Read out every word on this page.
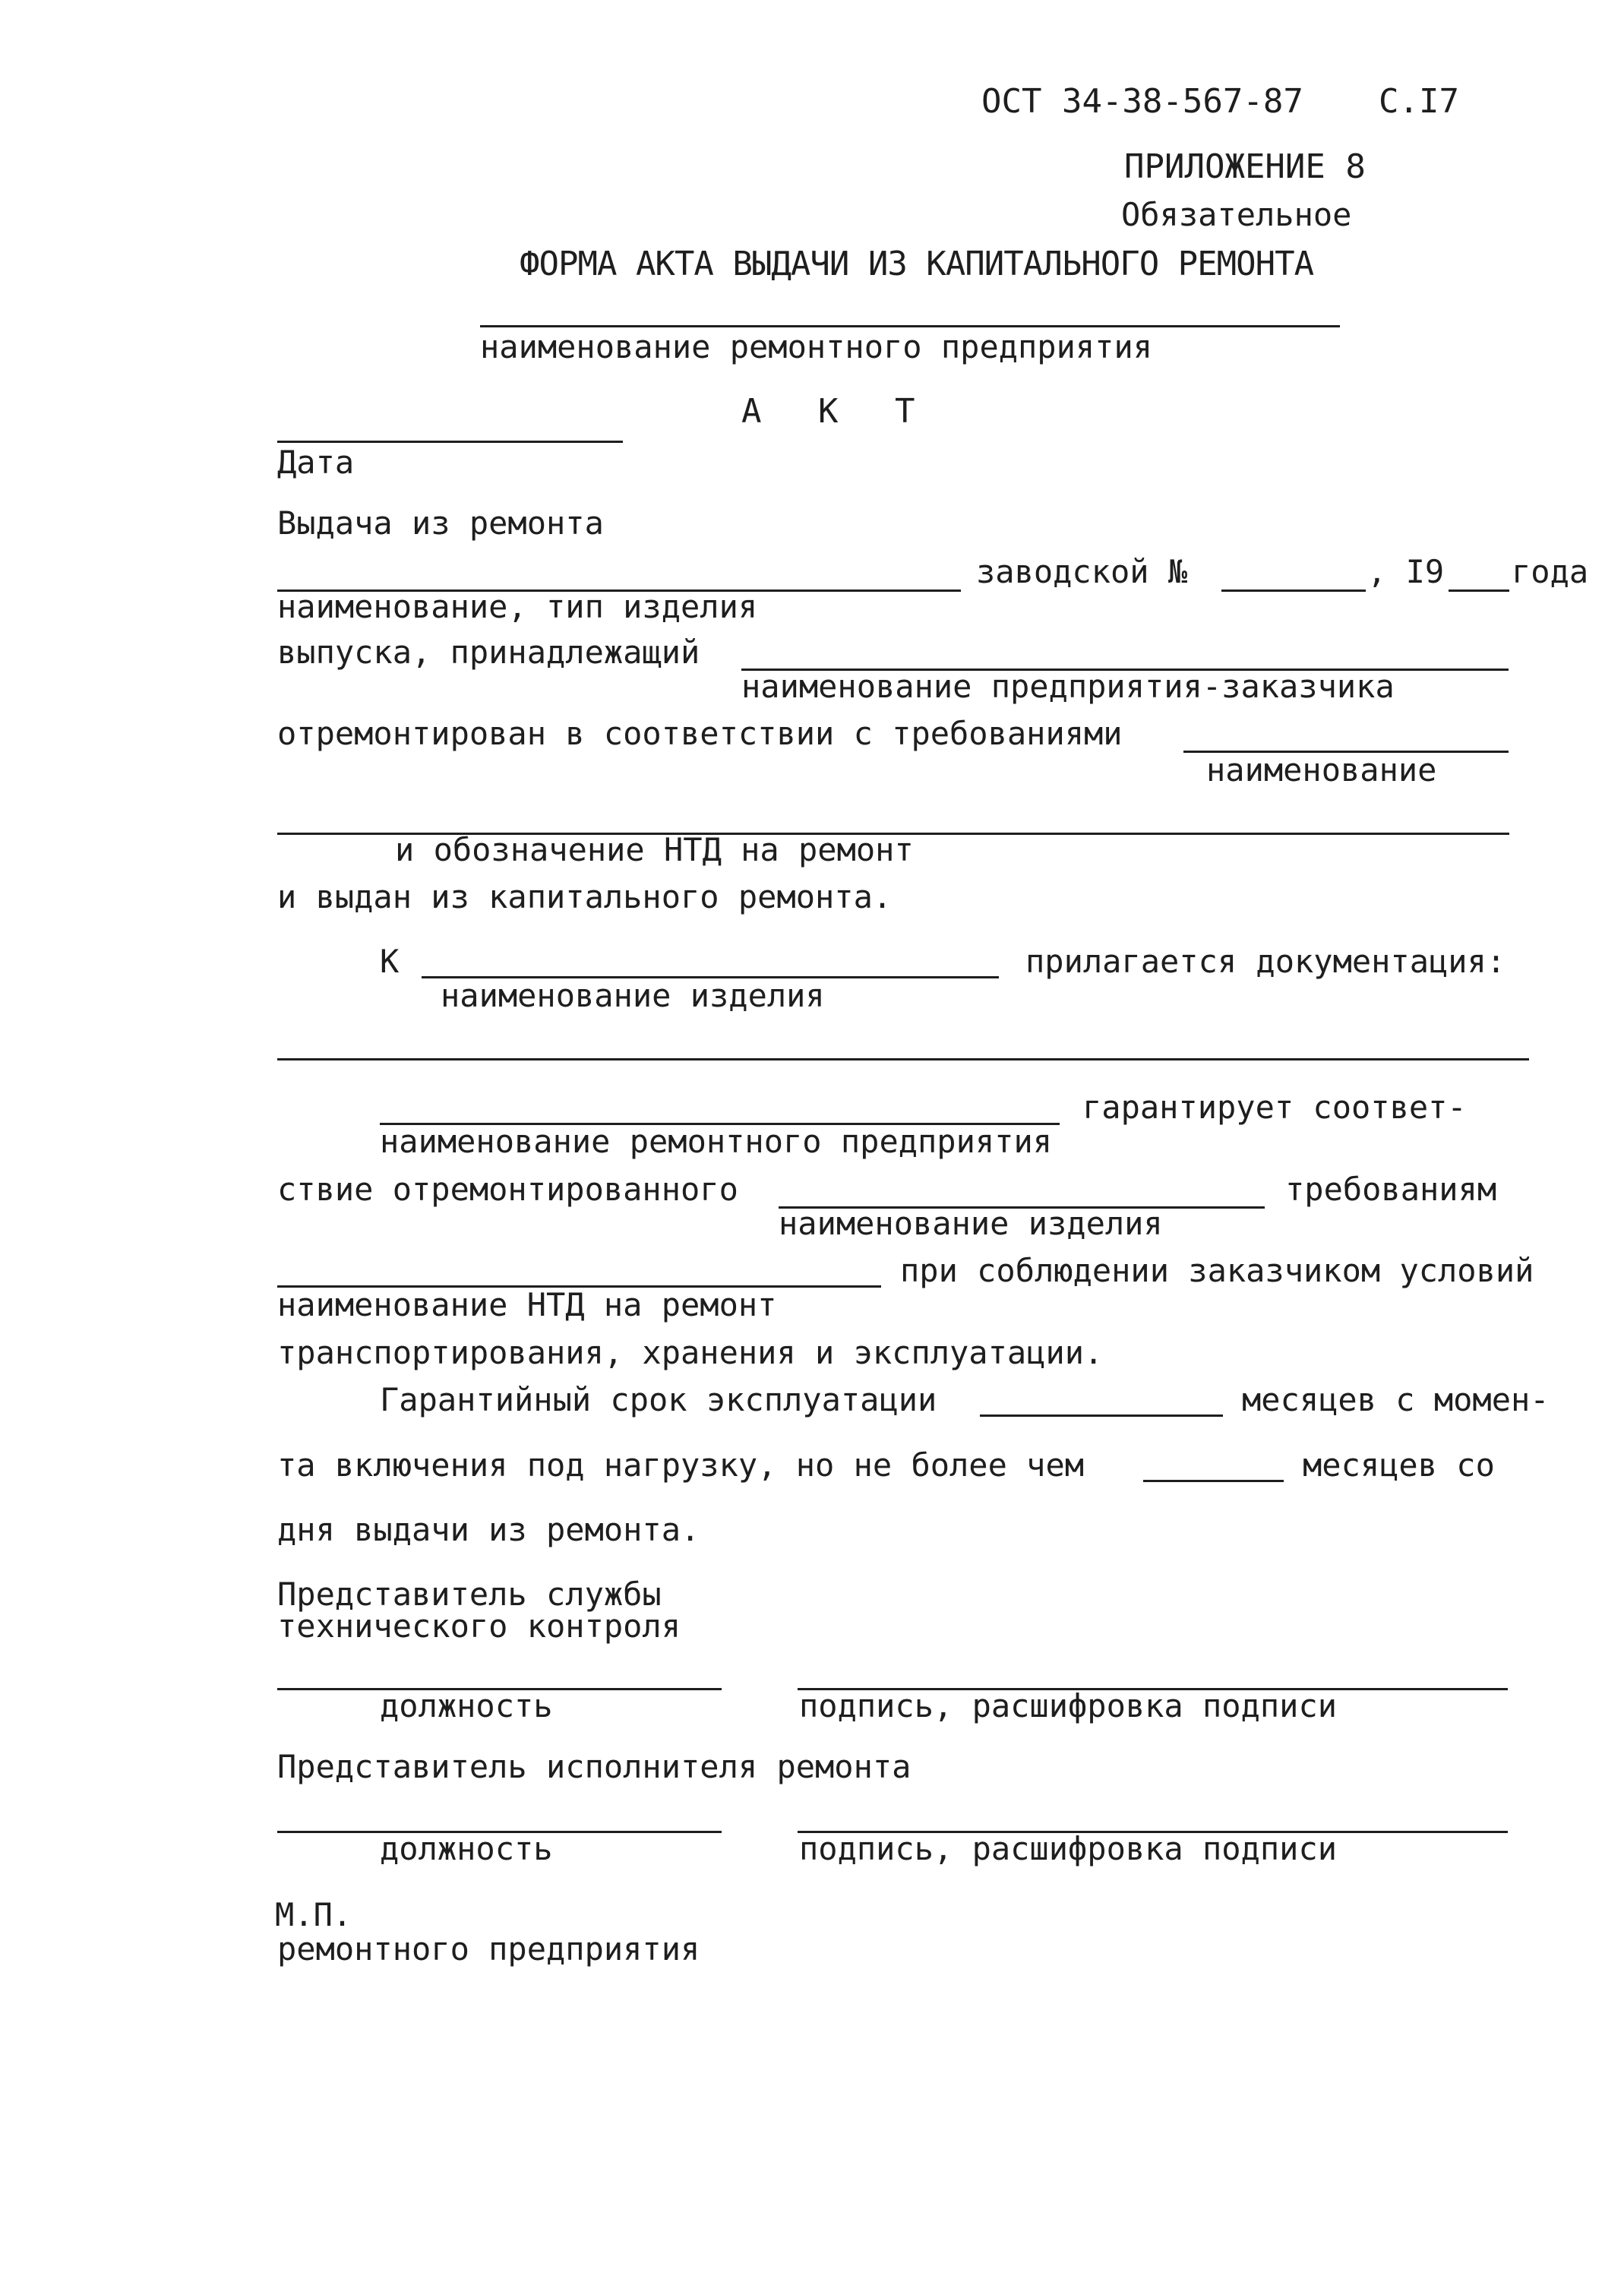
ОСТ 34-38-567-87 С.I7
ПРИЛОЖЕНИЕ 8
Обязательное
ФОРМА АКТА ВЫДАЧИ ИЗ КАПИТАЛЬНОГО РЕМОНТА
наименование ремонтного предприятия
А К Т
Дата
Выдача из ремонта
заводской №	, I9 года
наименование, тип изделия
выпуска, принадлежащий
наименование предприятия-заказчика
отремонтирован в соответствии с требованиями
наименование
и обозначение НТД на ремонт
и выдан из капитального ремонта.
К	прилагается документация:
наименование изделия
гарантирует соответ-
наименование ремонтного предприятия
ствие отремонтированного	требованиям
наименование изделия
при соблюдении заказчиком условий
наименование НТД на ремонт
транспортирования, хранения и эксплуатации.
Гарантийный срок эксплуатации	месяцев с момен-
та включения под нагрузку, но не более чем	месяцев со
дня выдачи из ремонта.
Представитель службы
технического контроля
должность	подпись, расшифровка подписи
Представитель исполнителя ремонта
должность	подпись, расшифровка подписи
М.П.
ремонтного предприятия
